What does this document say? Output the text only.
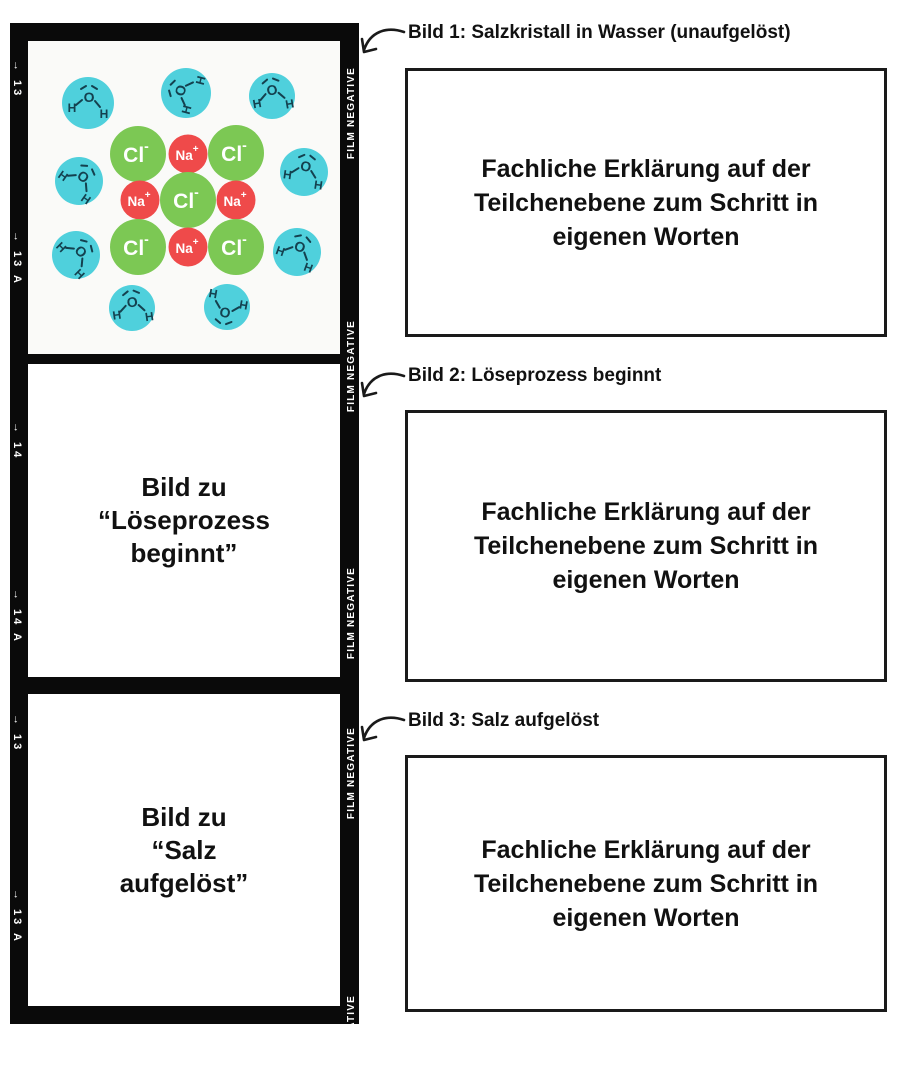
O
H H
O
H
H
O
H H
O
H
H
O
H
H
O
H
H
O
H
H
O
H H	O H
H
Cl-
Na+ Cl-
Na+ Cl-
Na+
Cl-
Na+ Cl-
Bild zu
“Löseprozess
beginnt”
Bild zu
“Salz
aufgelöst”
→ 13
→ 13 A
→ 14
→ 14 A
→ 13
→ 13 A
FILM NEGATIVE
FILM NEGATIVE
FILM NEGATIVE
FILM NEGATIVE
FILM NEGATIVE
Bild 1: Salzkristall in Wasser (unaufgelöst)
Fachliche Erklärung auf der
Teilchenebene zum Schritt in
eigenen Worten
Bild 2: Löseprozess beginnt
Fachliche Erklärung auf der
Teilchenebene zum Schritt in
eigenen Worten
Bild 3: Salz aufgelöst
Fachliche Erklärung auf der
Teilchenebene zum Schritt in
eigenen Worten
